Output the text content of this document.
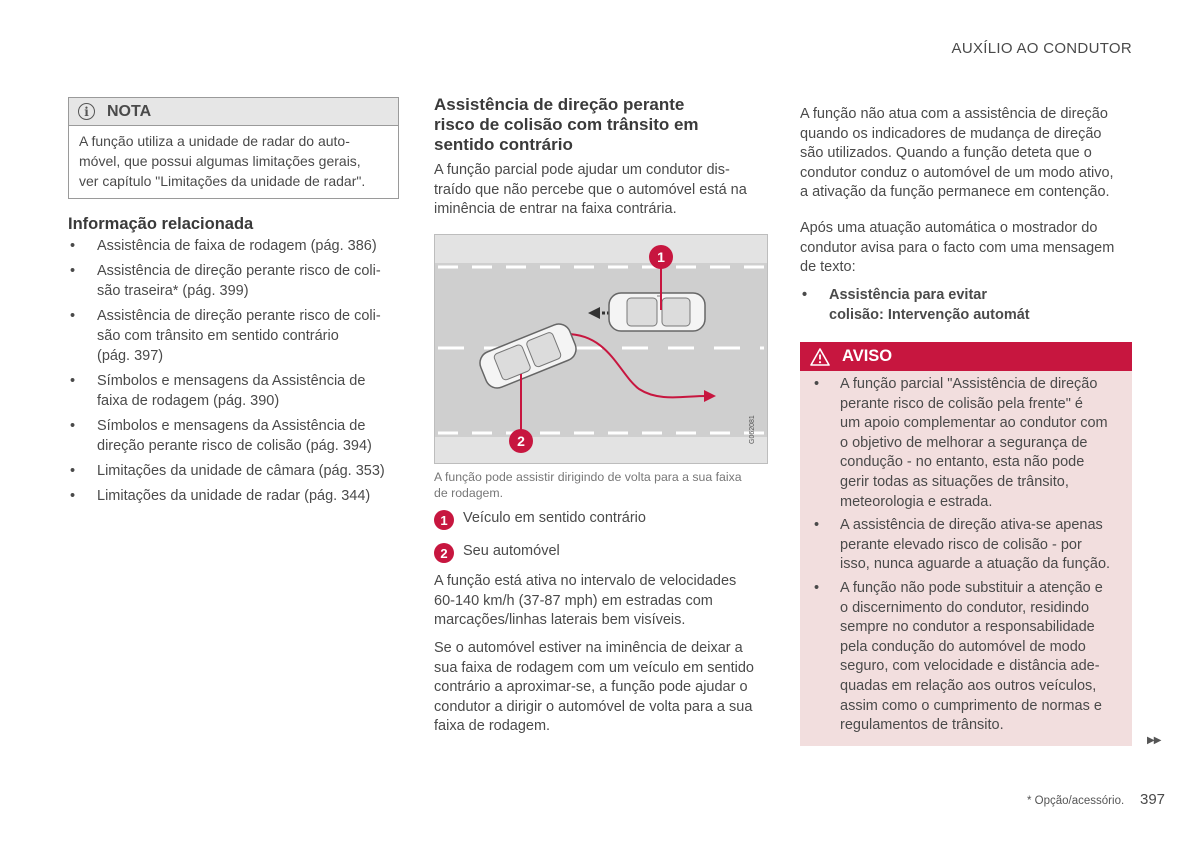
AUXÍLIO AO CONDUTOR
i	NOTA
A função utiliza a unidade de radar do auto-
móvel, que possui algumas limitações gerais,
ver capítulo "Limitações da unidade de radar".
Informação relacionada
• Assistência de faixa de rodagem (pág. 386)
• Assistência de direção perante risco de coli-
são traseira* (pág. 399)
• Assistência de direção perante risco de coli-
são com trânsito em sentido contrário
(pág. 397)
• Símbolos e mensagens da Assistência de
faixa de rodagem (pág. 390)
• Símbolos e mensagens da Assistência de
direção perante risco de colisão (pág. 394)
• Limitações da unidade de câmara (pág. 353)
• Limitações da unidade de radar (pág. 344)
Assistência de direção perante
risco de colisão com trânsito em
sentido contrário
A função parcial pode ajudar um condutor dis-
traído que não percebe que o automóvel está na
iminência de entrar na faixa contrária.
1
2	G062081
A função pode assistir dirigindo de volta para a sua faixa
de rodagem.
1	Veículo em sentido contrário
2	Seu automóvel
A função está ativa no intervalo de velocidades
60-140 km/h (37-87 mph) em estradas com
marcações/linhas laterais bem visíveis.
Se o automóvel estiver na iminência de deixar a
sua faixa de rodagem com um veículo em sentido
contrário a aproximar-se, a função pode ajudar o
condutor a dirigir o automóvel de volta para a sua
faixa de rodagem.
A função não atua com a assistência de direção
quando os indicadores de mudança de direção
são utilizados. Quando a função deteta que o
condutor conduz o automóvel de um modo ativo,
a ativação da função permanece em contenção.
Após uma atuação automática o mostrador do
condutor avisa para o facto com uma mensagem
de texto:
• Assistência para evitar
colisão: Intervenção automát
AVISO
• A função parcial "Assistência de direção
perante risco de colisão pela frente" é
um apoio complementar ao condutor com
o objetivo de melhorar a segurança de
condução - no entanto, esta não pode
gerir todas as situações de trânsito,
meteorologia e estrada.
• A assistência de direção ativa-se apenas
perante elevado risco de colisão - por
isso, nunca aguarde a atuação da função.
• A função não pode substituir a atenção e
o discernimento do condutor, residindo
sempre no condutor a responsabilidade
pela condução do automóvel de modo
seguro, com velocidade e distância ade-
quadas em relação aos outros veículos,
assim como o cumprimento de normas e
regulamentos de trânsito.
▶▶
* Opção/acessório. 397
